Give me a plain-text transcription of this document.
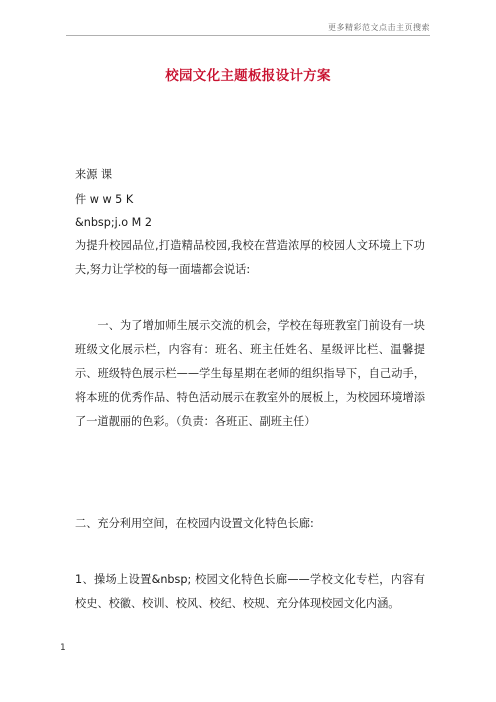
更多精彩范文点击主页搜索
校园文化主题板报设计方案
来源 课
件 w w 5 K
&nbsp;j.o M 2
为提升校园品位,打造精品校园,我校在营造浓厚的校园人文环境上下功夫,努力让学校的每一面墙都会说话:
一、为了增加师生展示交流的机会，学校在每班教室门前设有一块班级文化展示栏，内容有：班名、班主任姓名、星级评比栏、温馨提示、班级特色展示栏——学生每星期在老师的组织指导下，自己动手，将本班的优秀作品、特色活动展示在教室外的展板上，为校园环境增添了一道靓丽的色彩。（负责：各班正、副班主任）
二、充分利用空间，在校园内设置文化特色长廊:
1、操场上设置&nbsp; 校园文化特色长廊——学校文化专栏，内容有校史、校徽、校训、校风、校纪、校规、充分体现校园文化内涵。
1
